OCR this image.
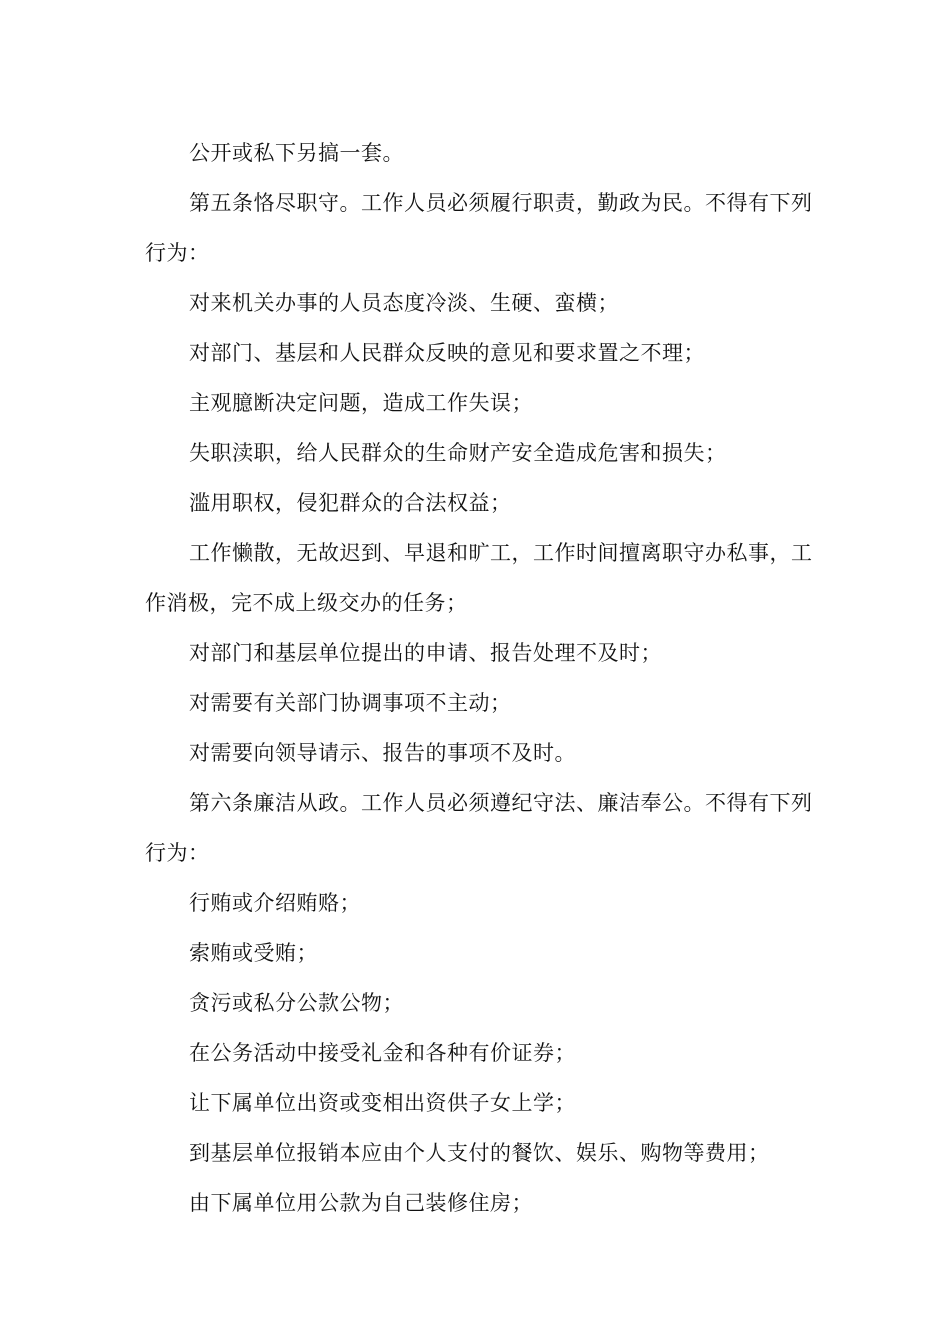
公开或私下另搞一套。

第五条恪尽职守。工作人员必须履行职责，勤政为民。不得有下列行为：

对来机关办事的人员态度冷淡、生硬、蛮横；

对部门、基层和人民群众反映的意见和要求置之不理；

主观臆断决定问题，造成工作失误；

失职渎职，给人民群众的生命财产安全造成危害和损失；

滥用职权，侵犯群众的合法权益；

工作懒散，无故迟到、早退和旷工，工作时间擅离职守办私事，工作消极，完不成上级交办的任务；

对部门和基层单位提出的申请、报告处理不及时；

对需要有关部门协调事项不主动；

对需要向领导请示、报告的事项不及时。

第六条廉洁从政。工作人员必须遵纪守法、廉洁奉公。不得有下列行为：

行贿或介绍贿赂；

索贿或受贿；

贪污或私分公款公物；

在公务活动中接受礼金和各种有价证券；

让下属单位出资或变相出资供子女上学；

到基层单位报销本应由个人支付的餐饮、娱乐、购物等费用；

由下属单位用公款为自己装修住房；
